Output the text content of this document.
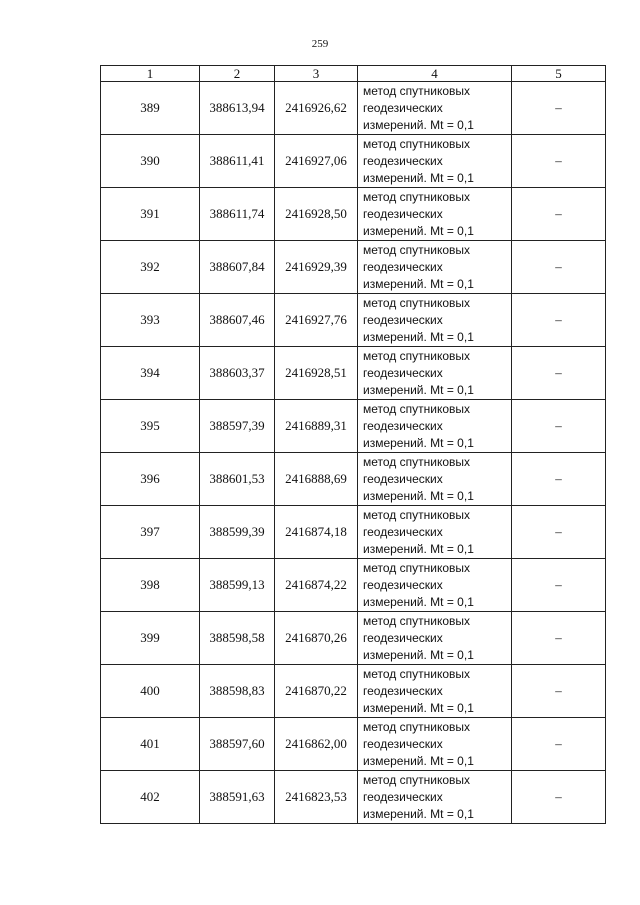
259
1	2	3	4	5
389	388613,94	2416926,62	метод спутниковых
геодезических
измерений. Mt = 0,1	–
390	388611,41	2416927,06	метод спутниковых
геодезических
измерений. Mt = 0,1	–
391	388611,74	2416928,50	метод спутниковых
геодезических
измерений. Mt = 0,1	–
392	388607,84	2416929,39	метод спутниковых
геодезических
измерений. Mt = 0,1	–
393	388607,46	2416927,76	метод спутниковых
геодезических
измерений. Mt = 0,1	–
394	388603,37	2416928,51	метод спутниковых
геодезических
измерений. Mt = 0,1	–
395	388597,39	2416889,31	метод спутниковых
геодезических
измерений. Mt = 0,1	–
396	388601,53	2416888,69	метод спутниковых
геодезических
измерений. Mt = 0,1	–
397	388599,39	2416874,18	метод спутниковых
геодезических
измерений. Mt = 0,1	–
398	388599,13	2416874,22	метод спутниковых
геодезических
измерений. Mt = 0,1	–
399	388598,58	2416870,26	метод спутниковых
геодезических
измерений. Mt = 0,1	–
400	388598,83	2416870,22	метод спутниковых
геодезических
измерений. Mt = 0,1	–
401	388597,60	2416862,00	метод спутниковых
геодезических
измерений. Mt = 0,1	–
402	388591,63	2416823,53	метод спутниковых
геодезических
измерений. Mt = 0,1	–
